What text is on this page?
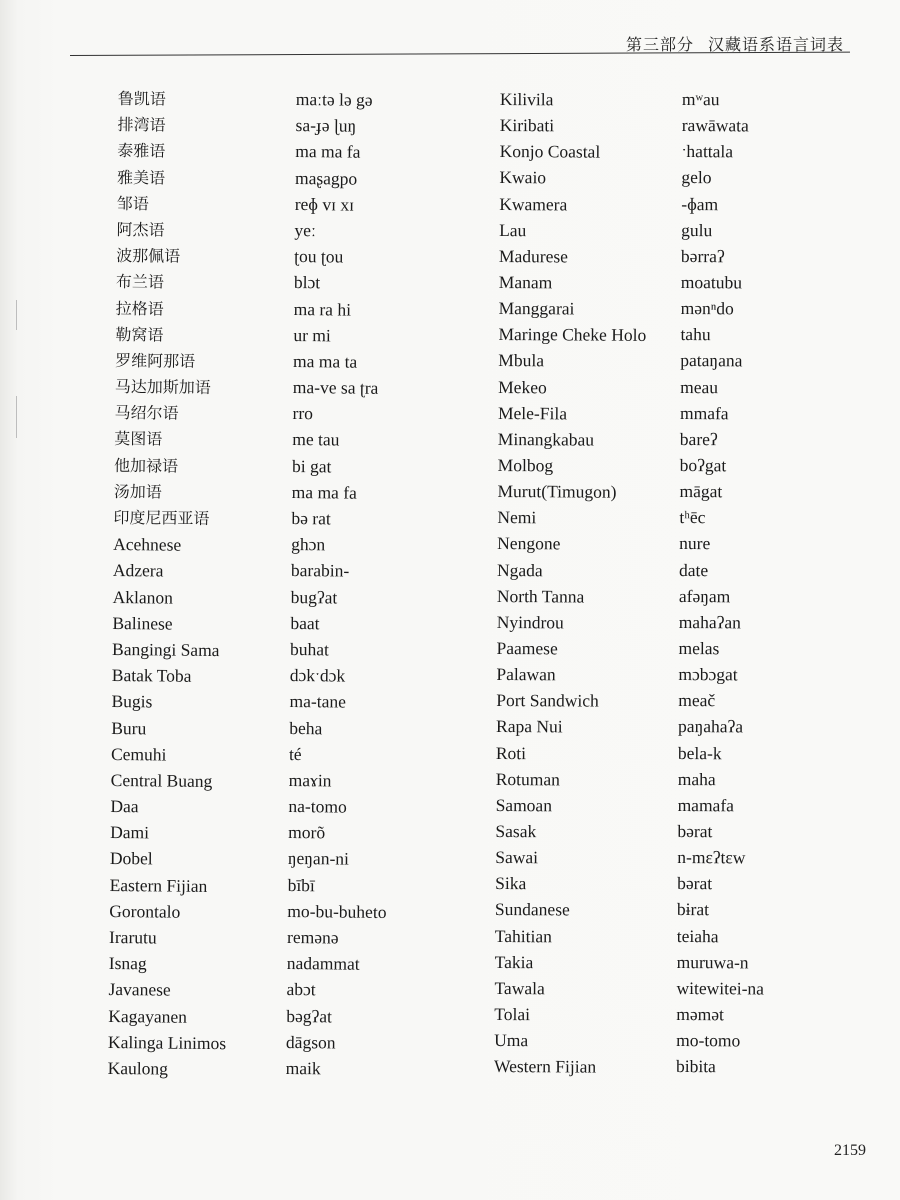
第三部分 汉藏语系语言词表
鲁凯语
排湾语
泰雅语
雅美语
邹语
阿杰语
波那佩语
布兰语
拉格语
勒窝语
罗维阿那语
马达加斯加语
马绍尔语
莫图语
他加禄语
汤加语
印度尼西亚语
Acehnese
Adzera
Aklanon
Balinese
Bangingi Sama
Batak Toba
Bugis
Buru
Cemuhi
Central Buang
Daa
Dami
Dobel
Eastern Fijian
Gorontalo
Irarutu
Isnag
Javanese
Kagayanen
Kalinga Linimos
Kaulong
maːtə lə gə
sa-ɟə ɭuŋ
ma ma fa
maʂagpo
reɸ vɪ xɪ
yeː
ʈou ʈou
blɔt
ma ra hi
ur mi
ma ma ta
ma-ve sa ʈra
rro
me tau
bi gat
ma ma fa
bə rat
ghɔn
barabin-
bugʔat
baat
buhat
dɔkˑdɔk
ma-tane
beha
té
maɤin
na-tomo
morõ
ŋeŋan-ni
bībī
mo-bu-buheto
remənə
nadammat
abɔt
bəgʔat
dāgson
maik
Kilivila
Kiribati
Konjo Coastal
Kwaio
Kwamera
Lau
Madurese
Manam
Manggarai
Maringe Cheke Holo
Mbula
Mekeo
Mele-Fila
Minangkabau
Molbog
Murut(Timugon)
Nemi
Nengone
Ngada
North Tanna
Nyindrou
Paamese
Palawan
Port Sandwich
Rapa Nui
Roti
Rotuman
Samoan
Sasak
Sawai
Sika
Sundanese
Tahitian
Takia
Tawala
Tolai
Uma
Western Fijian
mʷau
rawāwata
ˑhattala
gelo
-ɸam
gulu
bərraʔ
moatubu
mənⁿdo
tahu
pataŋana
meau
mmafa
bareʔ
boʔgat
māgat
tʰēc
nure
date
afəŋam
mahaʔan
melas
mɔbɔgat
meač
paŋahaʔa
bela-k
maha
mamafa
bərat
n-mɛʔtɛw
bərat
bɨrat
teiaha
muruwa-n
witewitei-na
məmət
mo-tomo
bibita
2159
